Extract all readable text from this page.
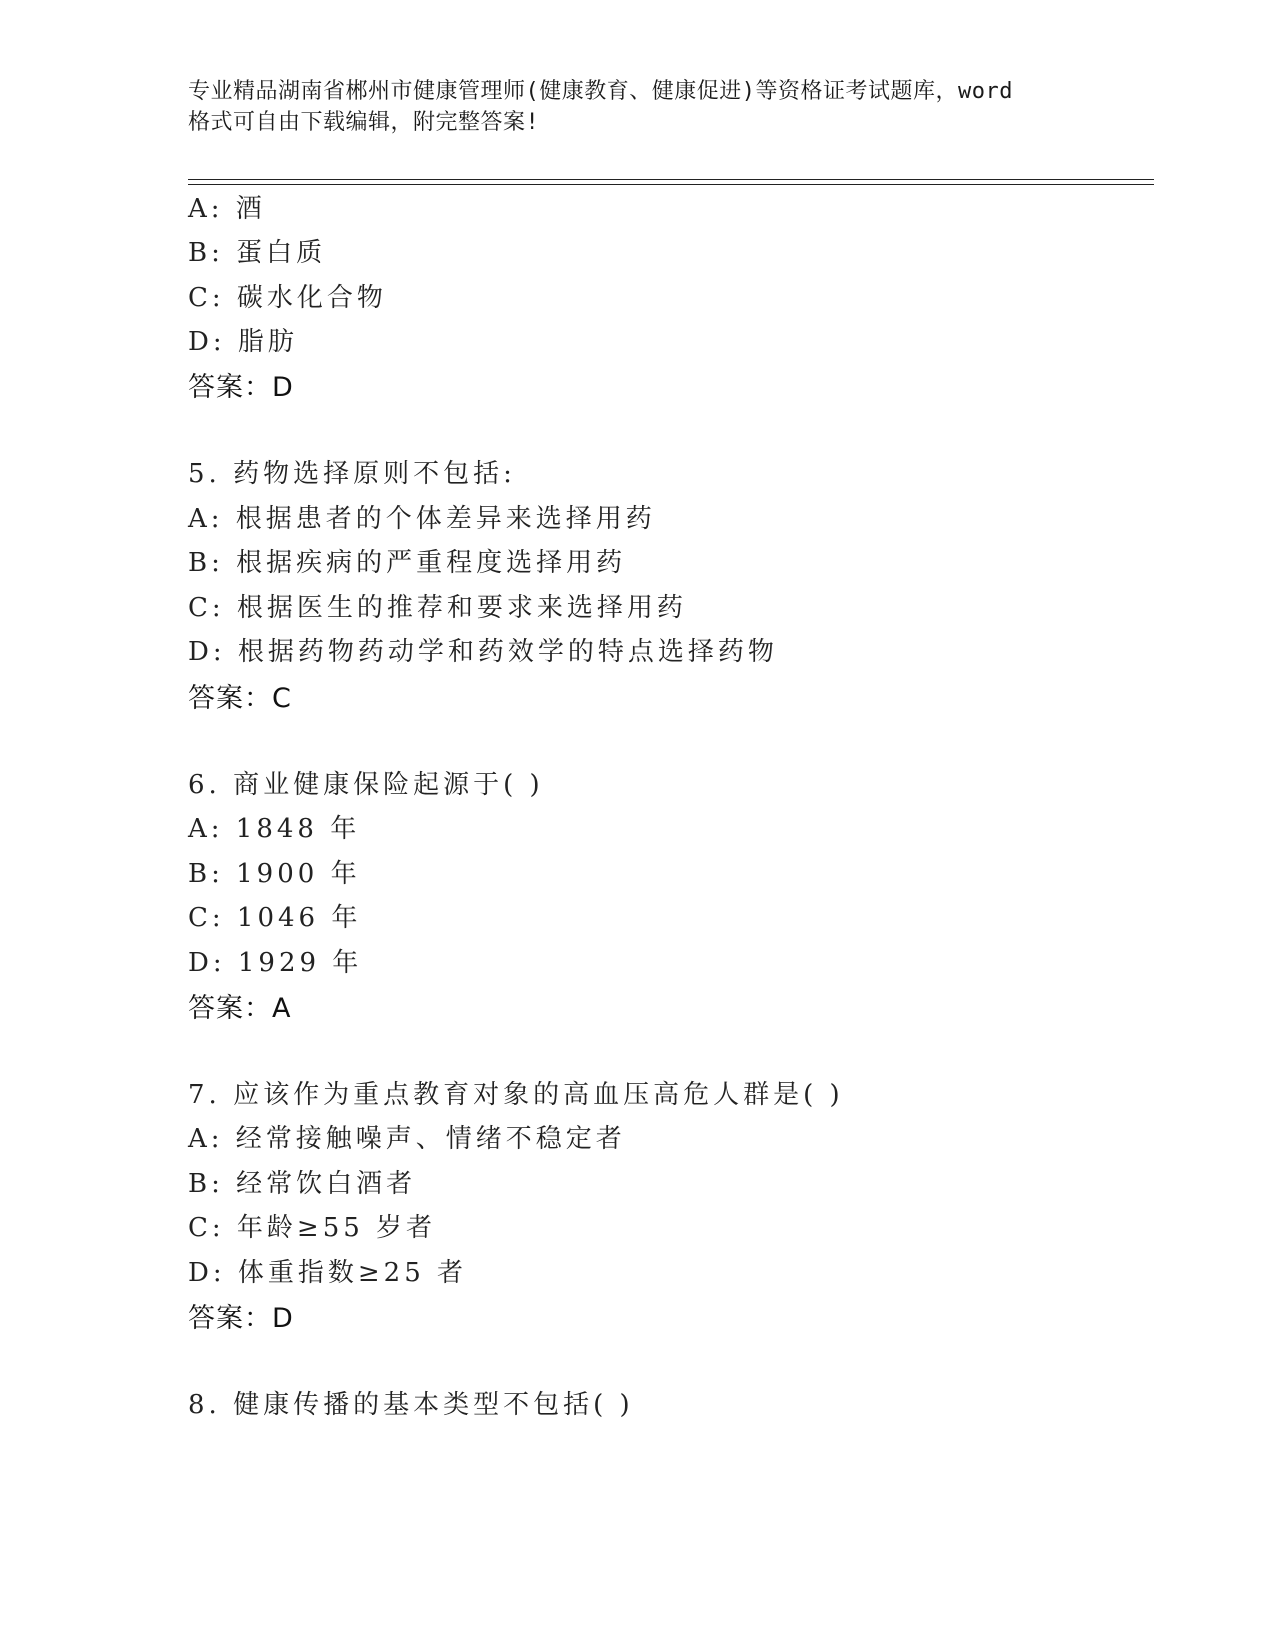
专业精品湖南省郴州市健康管理师(健康教育、健康促进)等资格证考试题库，word
格式可自由下载编辑，附完整答案!
A: 酒
B: 蛋白质
C: 碳水化合物
D: 脂肪
答案：D
5. 药物选择原则不包括:
A: 根据患者的个体差异来选择用药
B: 根据疾病的严重程度选择用药
C: 根据医生的推荐和要求来选择用药
D: 根据药物药动学和药效学的特点选择药物
答案：C
6. 商业健康保险起源于( )
A: 1848 年
B: 1900 年
C: 1046 年
D: 1929 年
答案：A
7. 应该作为重点教育对象的高血压高危人群是( )
A: 经常接触噪声、情绪不稳定者
B: 经常饮白酒者
C: 年龄≥55 岁者
D: 体重指数≥25 者
答案：D
8. 健康传播的基本类型不包括( )
